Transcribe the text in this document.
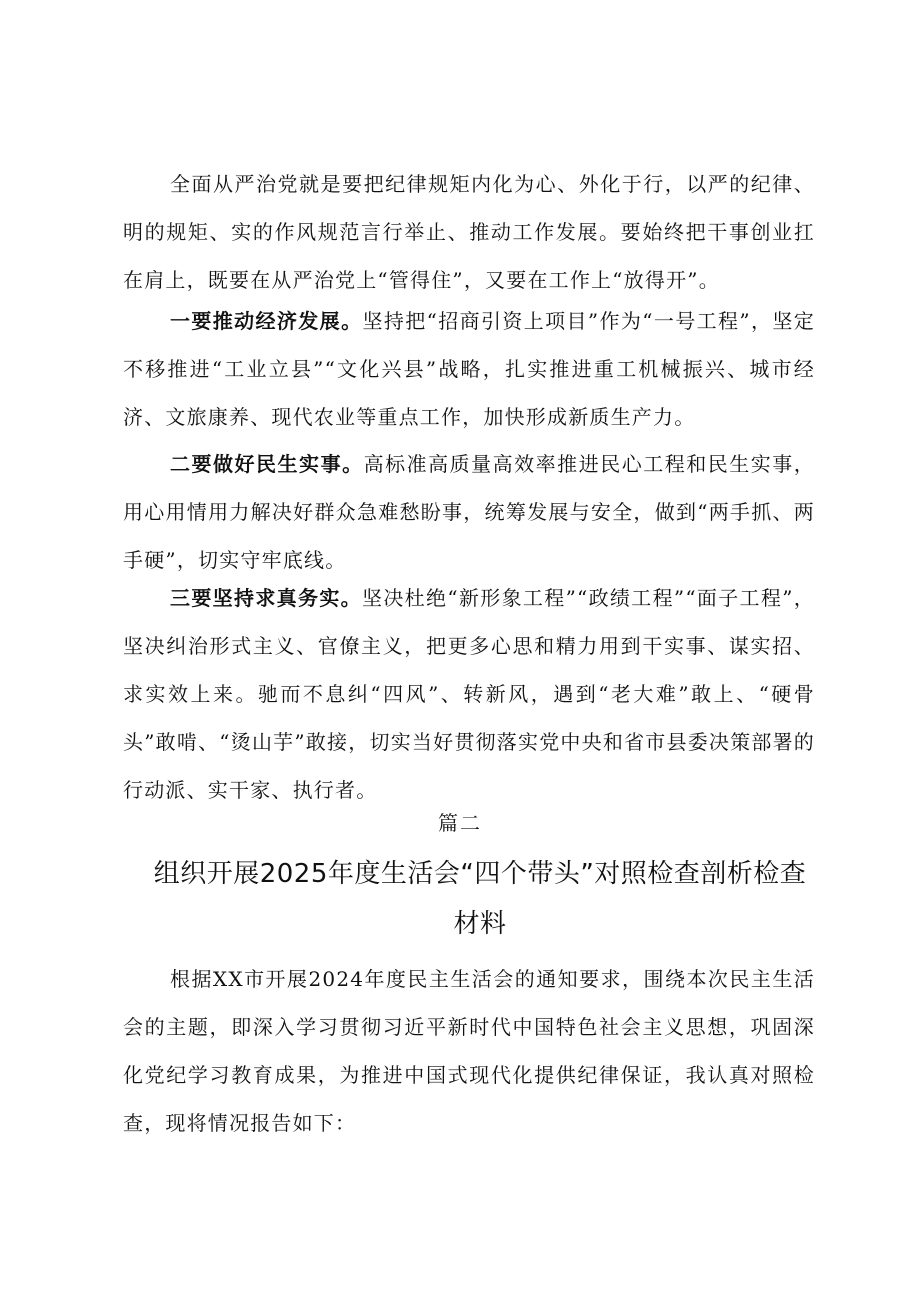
全面从严治党就是要把纪律规矩内化为心、外化于行，以严的纪律、明的规矩、实的作风规范言行举止、推动工作发展。要始终把干事创业扛在肩上，既要在从严治党上“管得住”，又要在工作上“放得开”。

一要推动经济发展。坚持把“招商引资上项目”作为“一号工程”，坚定不移推进“工业立县”“文化兴县”战略，扎实推进重工机械振兴、城市经济、文旅康养、现代农业等重点工作，加快形成新质生产力。

二要做好民生实事。高标准高质量高效率推进民心工程和民生实事，用心用情用力解决好群众急难愁盼事，统筹发展与安全，做到“两手抓、两手硬”，切实守牢底线。

三要坚持求真务实。坚决杜绝“新形象工程”“政绩工程”“面子工程”，坚决纠治形式主义、官僚主义，把更多心思和精力用到干实事、谋实招、求实效上来。驰而不息纠“四风”、转新风，遇到“老大难”敢上、“硬骨头”敢啃、“烫山芋”敢接，切实当好贯彻落实党中央和省市县委决策部署的行动派、实干家、执行者。

篇二
组织开展2025年度生活会“四个带头”对照检查剖析检查材料

根据XX市开展2024年度民主生活会的通知要求，围绕本次民主生活会的主题，即深入学习贯彻习近平新时代中国特色社会主义思想，巩固深化党纪学习教育成果，为推进中国式现代化提供纪律保证，我认真对照检查，现将情况报告如下：
